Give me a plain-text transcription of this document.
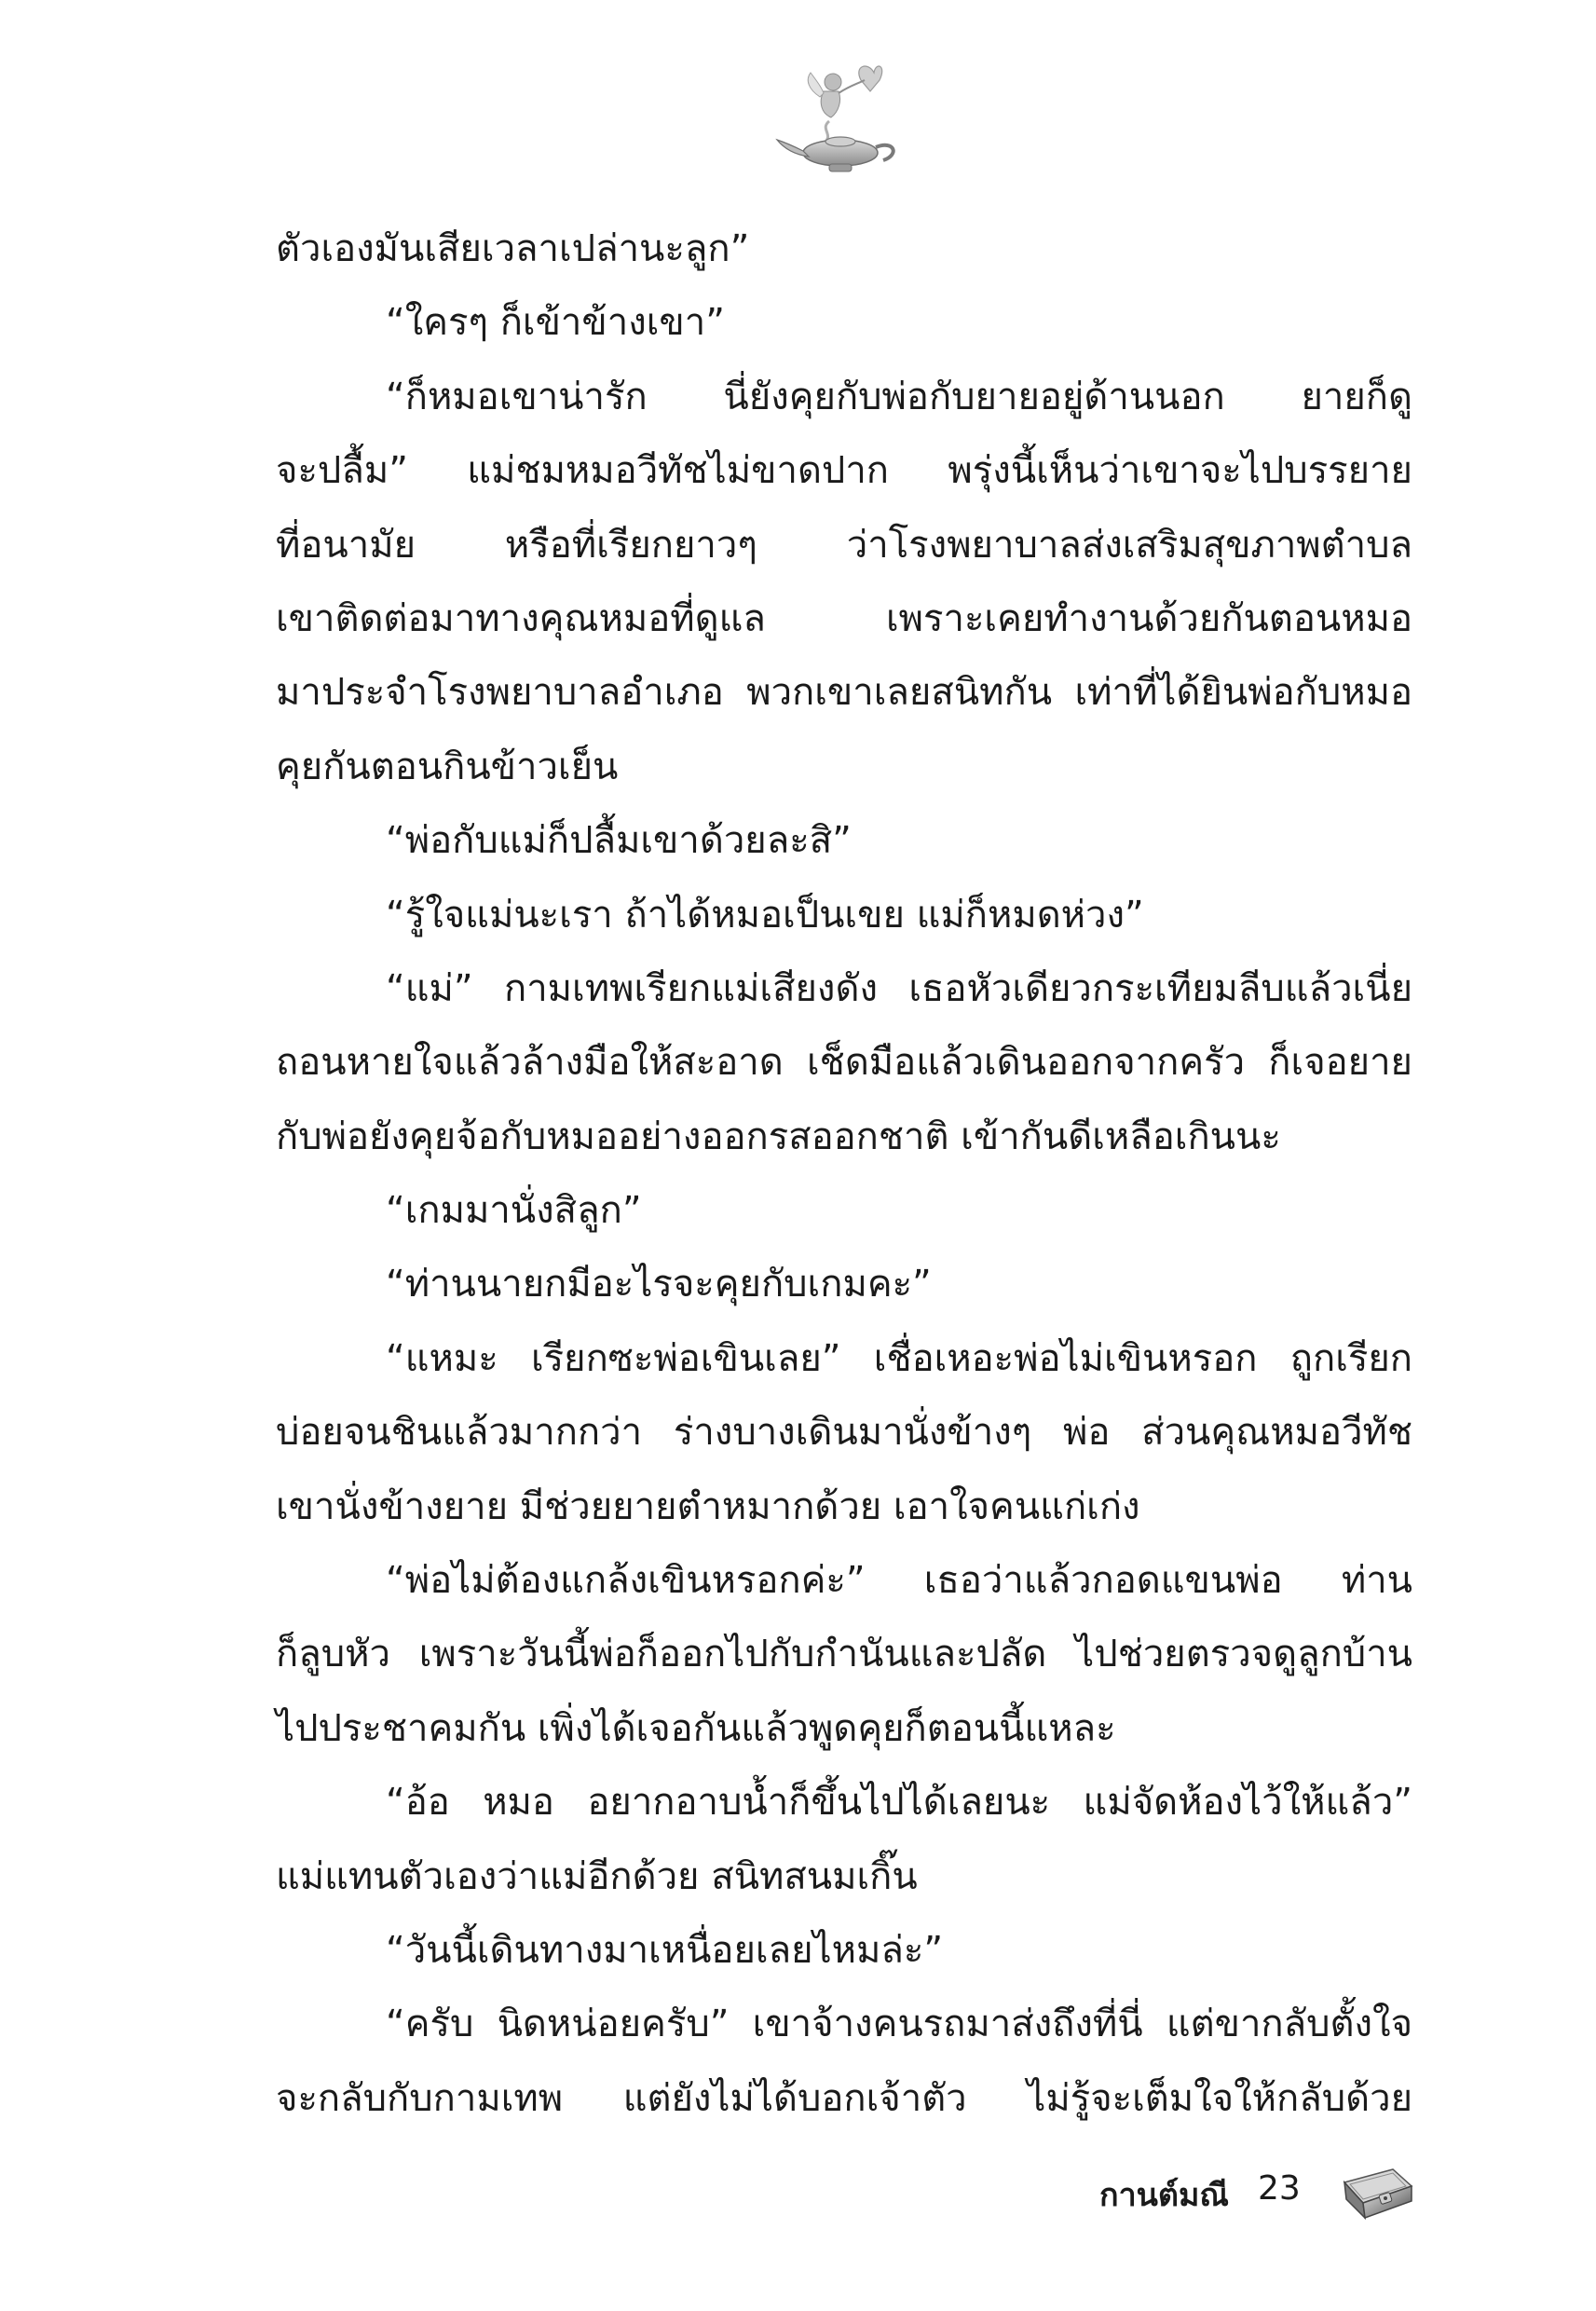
ตัวเองมันเสียเวลาเปล่านะลูก”
“ใครๆ ก็เข้าข้างเขา”
“ก็หมอเขาน่ารัก นี่ยังคุยกับพ่อกับยายอยู่ด้านนอก ยายก็ดู
จะปลื้ม” แม่ชมหมอวีทัชไม่ขาดปาก พรุ่งนี้เห็นว่าเขาจะไปบรรยาย
ที่อนามัย หรือที่เรียกยาวๆ ว่าโรงพยาบาลส่งเสริมสุขภาพตำบล
เขาติดต่อมาทางคุณหมอที่ดูแล เพราะเคยทำงานด้วยกันตอนหมอ
มาประจำโรงพยาบาลอำเภอ พวกเขาเลยสนิทกัน เท่าที่ได้ยินพ่อกับหมอ
คุยกันตอนกินข้าวเย็น
“พ่อกับแม่ก็ปลื้มเขาด้วยละสิ”
“รู้ใจแม่นะเรา ถ้าได้หมอเป็นเขย แม่ก็หมดห่วง”
“แม่” กามเทพเรียกแม่เสียงดัง เธอหัวเดียวกระเทียมลีบแล้วเนี่ย
ถอนหายใจแล้วล้างมือให้สะอาด เช็ดมือแล้วเดินออกจากครัว ก็เจอยาย
กับพ่อยังคุยจ้อกับหมออย่างออกรสออกชาติ เข้ากันดีเหลือเกินนะ
“เกมมานั่งสิลูก”
“ท่านนายกมีอะไรจะคุยกับเกมคะ”
“แหมะ เรียกซะพ่อเขินเลย” เชื่อเหอะพ่อไม่เขินหรอก ถูกเรียก
บ่อยจนชินแล้วมากกว่า ร่างบางเดินมานั่งข้างๆ พ่อ ส่วนคุณหมอวีทัช
เขานั่งข้างยาย มีช่วยยายตำหมากด้วย เอาใจคนแก่เก่ง
“พ่อไม่ต้องแกล้งเขินหรอกค่ะ” เธอว่าแล้วกอดแขนพ่อ ท่าน
ก็ลูบหัว เพราะวันนี้พ่อก็ออกไปกับกำนันและปลัด ไปช่วยตรวจดูลูกบ้าน
ไปประชาคมกัน เพิ่งได้เจอกันแล้วพูดคุยก็ตอนนี้แหละ
“อ้อ หมอ อยากอาบน้ำก็ขึ้นไปได้เลยนะ แม่จัดห้องไว้ให้แล้ว”
แม่แทนตัวเองว่าแม่อีกด้วย สนิทสนมเกิ๊น
“วันนี้เดินทางมาเหนื่อยเลยไหมล่ะ”
“ครับ นิดหน่อยครับ” เขาจ้างคนรถมาส่งถึงที่นี่ แต่ขากลับตั้งใจ
จะกลับกับกามเทพ แต่ยังไม่ได้บอกเจ้าตัว ไม่รู้จะเต็มใจให้กลับด้วย
กานต์มณี 23
